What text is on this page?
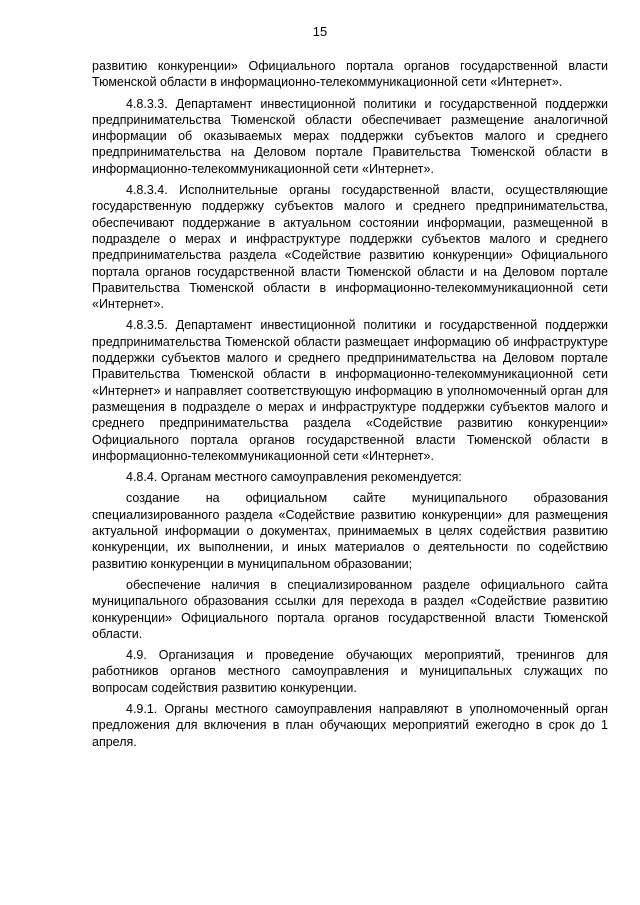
15

развитию конкуренции» Официального портала органов государственной власти Тюменской области в информационно-телекоммуникационной сети «Интернет».

4.8.3.3. Департамент инвестиционной политики и государственной поддержки предпринимательства Тюменской области обеспечивает размещение аналогичной информации об оказываемых мерах поддержки субъектов малого и среднего предпринимательства на Деловом портале Правительства Тюменской области в информационно-телекоммуникационной сети «Интернет».

4.8.3.4. Исполнительные органы государственной власти, осуществляющие государственную поддержку субъектов малого и среднего предпринимательства, обеспечивают поддержание в актуальном состоянии информации, размещенной в подразделе о мерах и инфраструктуре поддержки субъектов малого и среднего предпринимательства раздела «Содействие развитию конкуренции» Официального портала органов государственной власти Тюменской области и на Деловом портале Правительства Тюменской области в информационно-телекоммуникационной сети «Интернет».

4.8.3.5. Департамент инвестиционной политики и государственной поддержки предпринимательства Тюменской области размещает информацию об инфраструктуре поддержки субъектов малого и среднего предпринимательства на Деловом портале Правительства Тюменской области в информационно-телекоммуникационной сети «Интернет» и направляет соответствующую информацию в уполномоченный орган для размещения в подразделе о мерах и инфраструктуре поддержки субъектов малого и среднего предпринимательства раздела «Содействие развитию конкуренции» Официального портала органов государственной власти Тюменской области в информационно-телекоммуникационной сети «Интернет».

4.8.4. Органам местного самоуправления рекомендуется:

создание на официальном сайте муниципального образования специализированного раздела «Содействие развитию конкуренции» для размещения актуальной информации о документах, принимаемых в целях содействия развитию конкуренции, их выполнении, и иных материалов о деятельности по содействию развитию конкуренции в муниципальном образовании;

обеспечение наличия в специализированном разделе официального сайта муниципального образования ссылки для перехода в раздел «Содействие развитию конкуренции» Официального портала органов государственной власти Тюменской области.

4.9. Организация и проведение обучающих мероприятий, тренингов для работников органов местного самоуправления и муниципальных служащих по вопросам содействия развитию конкуренции.

4.9.1. Органы местного самоуправления направляют в уполномоченный орган предложения для включения в план обучающих мероприятий ежегодно в срок до 1 апреля.
